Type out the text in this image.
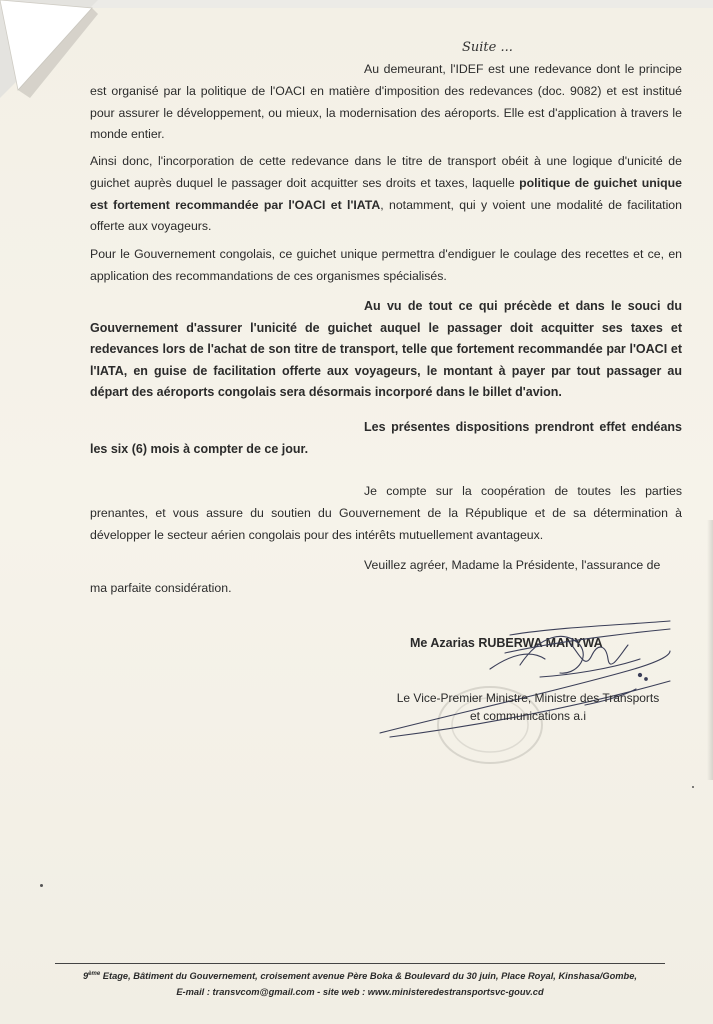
Suite ...

Au demeurant, l'IDEF est une redevance dont le principe est organisé par la politique de l'OACI en matière d'imposition des redevances (doc. 9082) et est institué pour assurer le développement, ou mieux, la modernisation des aéroports. Elle est d'application à travers le monde entier.

Ainsi donc, l'incorporation de cette redevance dans le titre de transport obéit à une logique d'unicité de guichet auprès duquel le passager doit acquitter ses droits et taxes, laquelle politique de guichet unique est fortement recommandée par l'OACI et l'IATA, notamment, qui y voient une modalité de facilitation offerte aux voyageurs.

Pour le Gouvernement congolais, ce guichet unique permettra d'endiguer le coulage des recettes et ce, en application des recommandations de ces organismes spécialisés.

Au vu de tout ce qui précède et dans le souci du Gouvernement d'assurer l'unicité de guichet auquel le passager doit acquitter ses taxes et redevances lors de l'achat de son titre de transport, telle que fortement recommandée par l'OACI et l'IATA, en guise de facilitation offerte aux voyageurs, le montant à payer par tout passager au départ des aéroports congolais sera désormais incorporé dans le billet d'avion.

Les présentes dispositions prendront effet endéans les six (6) mois à compter de ce jour.

Je compte sur la coopération de toutes les parties prenantes, et vous assure du soutien du Gouvernement de la République et de sa détermination à développer le secteur aérien congolais pour des intérêts mutuellement avantageux.

Veuillez agréer, Madame la Présidente, l'assurance de

ma parfaite considération.

Me Azarias RUBERWA MANYWA
Le Vice-Premier Ministre, Ministre des Transports
et communications a.i
9ème Etage, Bâtiment du Gouvernement, croisement avenue Père Boka & Boulevard du 30 juin, Place Royal, Kinshasa/Gombe,
E-mail : transvcom@gmail.com - site web : www.ministeredestransportsvc-gouv.cd
